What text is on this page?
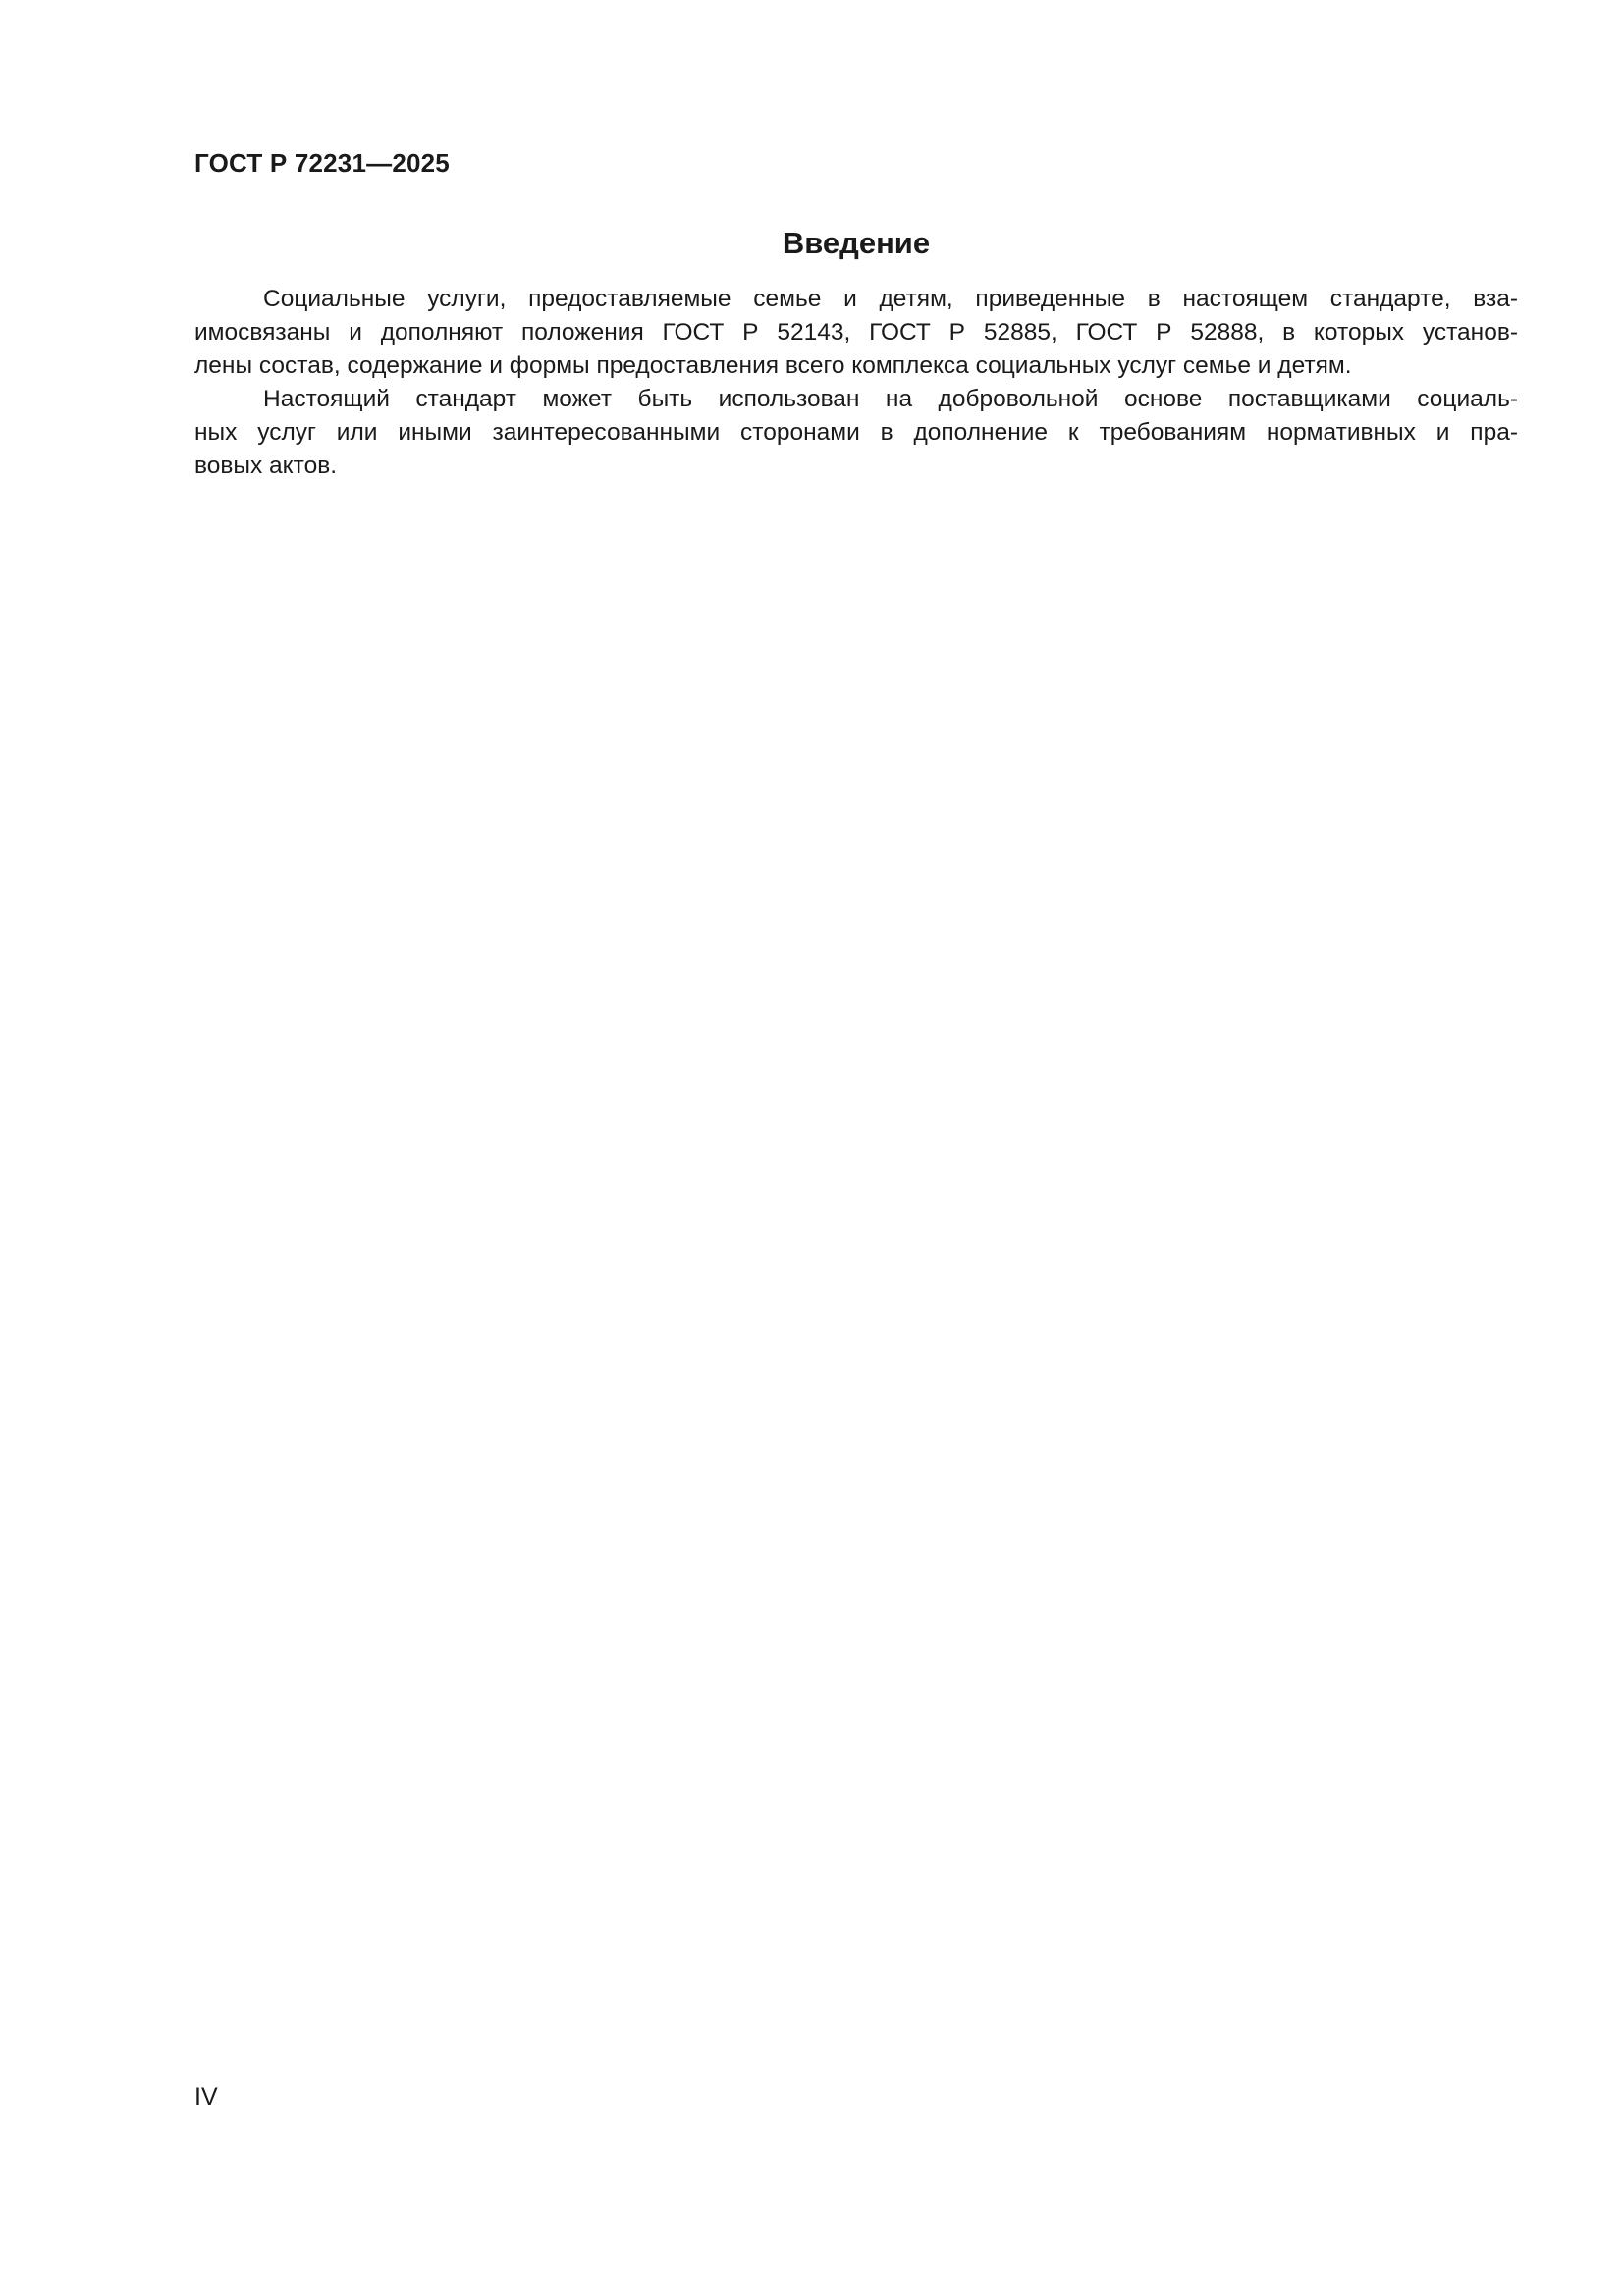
ГОСТ Р 72231—2025
Введение
Социальные услуги, предоставляемые семье и детям, приведенные в настоящем стандарте, вза-
имосвязаны и дополняют положения ГОСТ Р 52143, ГОСТ Р 52885, ГОСТ Р 52888, в которых установ-
лены состав, содержание и формы предоставления всего комплекса социальных услуг семье и детям.
Настоящий стандарт может быть использован на добровольной основе поставщиками социаль-
ных услуг или иными заинтересованными сторонами в дополнение к требованиям нормативных и пра-
вовых актов.
IV
